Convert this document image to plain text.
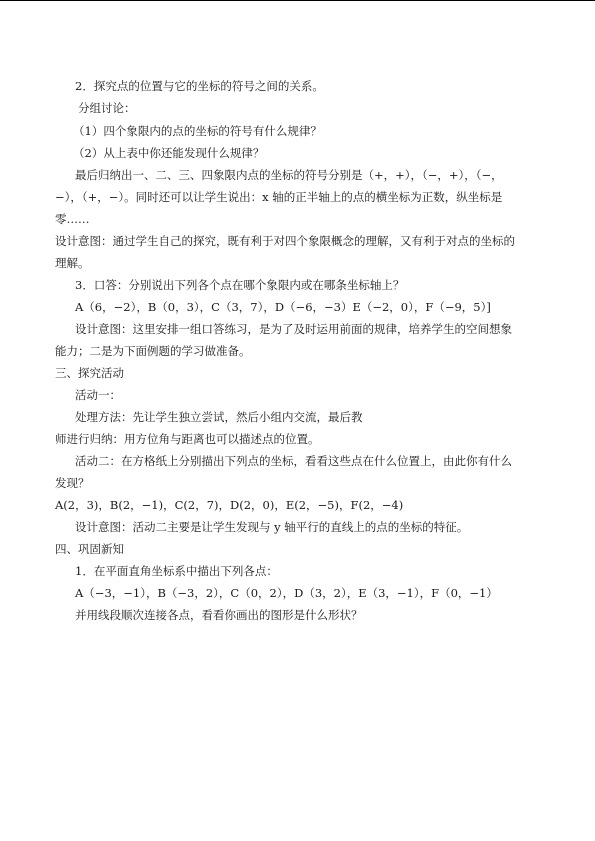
2．探究点的位置与它的坐标的符号之间的关系。
分组讨论：
（1）四个象限内的点的坐标的符号有什么规律？
（2）从上表中你还能发现什么规律？
最后归纳出一、二、三、四象限内点的坐标的符号分别是（+，+），（−，+），（−，
−），（+，−）。同时还可以让学生说出：x 轴的正半轴上的点的横坐标为正数，纵坐标是
零……
设计意图：通过学生自己的探究，既有利于对四个象限概念的理解，又有利于对点的坐标的
理解。
3．口答：分别说出下列各个点在哪个象限内或在哪条坐标轴上？
A（6，−2），B（0，3），C（3，7），D（−6，−3）E（−2，0），F（−9，5）]
设计意图：这里安排一组口答练习，是为了及时运用前面的规律，培养学生的空间想象
能力；二是为下面例题的学习做准备。
三、探究活动
活动一：
处理方法：先让学生独立尝试，然后小组内交流，最后教
师进行归纳：用方位角与距离也可以描述点的位置。
活动二：在方格纸上分别描出下列点的坐标，看看这些点在什么位置上，由此你有什么
发现？
A(2，3)，B(2，−1)，C(2，7)，D(2，0)，E(2，−5)，F(2，−4)
设计意图：活动二主要是让学生发现与 y 轴平行的直线上的点的坐标的特征。
四、巩固新知
1．在平面直角坐标系中描出下列各点：
A（−3，−1），B（−3，2），C（0，2），D（3，2），E（3，−1），F（0，−1）
并用线段顺次连接各点，看看你画出的图形是什么形状？
